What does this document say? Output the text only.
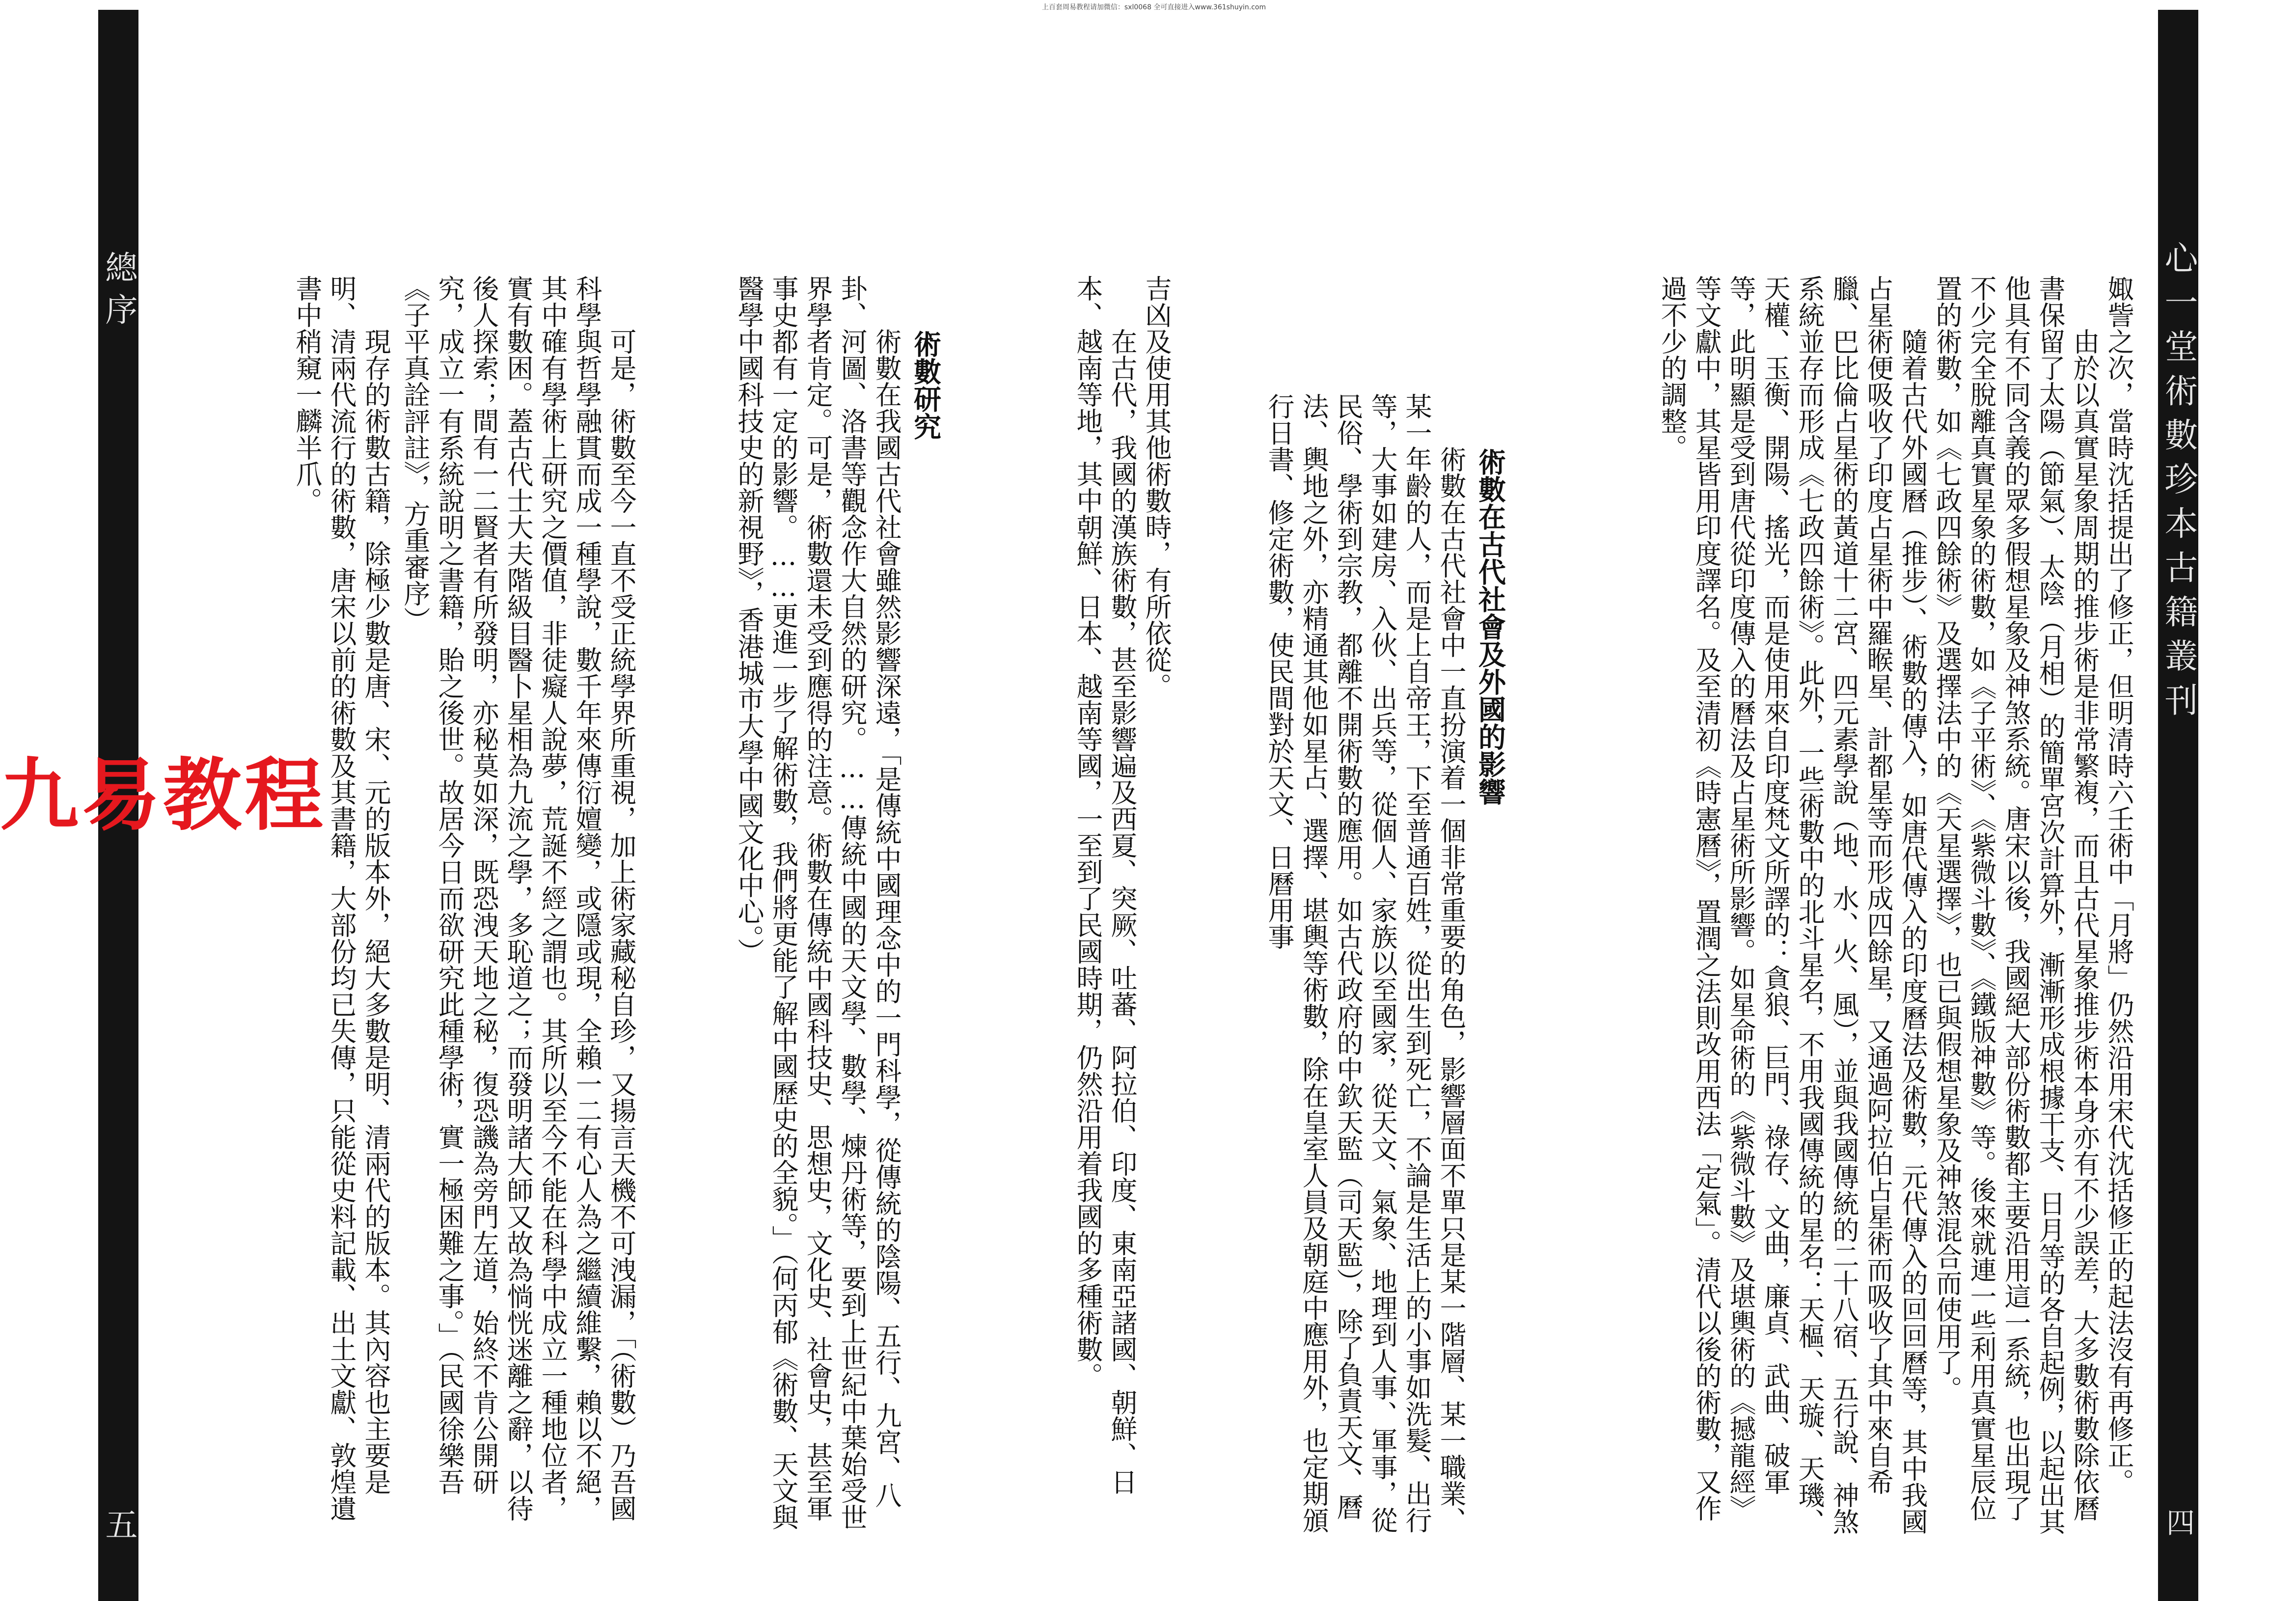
上百套周易教程请加微信：sxl0068 全可直接进入www.361shuyin.com
心一堂術數珍本古籍叢刊
四
總序
五

娵訾之次，當時沈括提出了修正，但明清時六壬術中「月將」仍然沿用宋代沈括修正的起法沒有再修正。

由於以真實星象周期的推步術是非常繁複，而且古代星象推步術本身亦有不少誤差，大多數術數除依曆書保留了太陽（節氣）、太陰（月相）的簡單宮次計算外，漸漸形成根據干支、日月等的各自起例，以起出其他具有不同含義的眾多假想星象及神煞系統。唐宋以後，我國絕大部份術數都主要沿用這一系統，也出現了不少完全脫離真實星象的術數，如《子平術》、《紫微斗數》、《鐵版神數》等。後來就連一些利用真實星辰位置的術數，如《七政四餘術》及選擇法中的《天星選擇》，也已與假想星象及神煞混合而使用了。

隨着古代外國曆（推步）、術數的傳入，如唐代傳入的印度曆法及術數，元代傳入的回回曆等，其中我國占星術便吸收了印度占星術中羅睺星、計都星等而形成四餘星，又通過阿拉伯占星術而吸收了其中來自希臘、巴比倫占星術的黃道十二宮、四元素學說（地、水、火、風），並與我國傳統的二十八宿、五行說、神煞系統並存而形成《七政四餘術》。此外，一些術數中的北斗星名，不用我國傳統的星名：天樞、天璇、天璣、天權、玉衡、開陽、搖光，而是使用來自印度梵文所譯的：貪狼、巨門、祿存、文曲，廉貞、武曲、破軍等，此明顯是受到唐代從印度傳入的曆法及占星術所影響。如星命術的《紫微斗數》及堪輿術的《撼龍經》等文獻中，其星皆用印度譯名。及至清初《時憲曆》，置潤之法則改用西法「定氣」。清代以後的術數，又作過不少的調整。

術數在古代社會及外國的影響

術數在古代社會中一直扮演着一個非常重要的角色，影響層面不單只是某一階層、某一職業、某一年齡的人，而是上自帝王，下至普通百姓，從出生到死亡，不論是生活上的小事如洗髮、出行等，大事如建房、入伙、出兵等，從個人、家族以至國家，從天文、氣象、地理到人事、軍事，從民俗、學術到宗教，都離不開術數的應用。如古代政府的中欽天監（司天監），除了負責天文、曆法、輿地之外，亦精通其他如星占、選擇、堪輿等術數，除在皇室人員及朝庭中應用外，也定期頒行日書、修定術數，使民間對於天文、日曆用事

吉凶及使用其他術數時，有所依從。

在古代，我國的漢族術數，甚至影響遍及西夏、突厥、吐蕃、阿拉伯、印度、東南亞諸國、朝鮮、日本、越南等地，其中朝鮮、日本、越南等國，一至到了民國時期，仍然沿用着我國的多種術數。

術數研究

術數在我國古代社會雖然影響深遠，「是傳統中國理念中的一門科學，從傳統的陰陽、五行、九宮、八卦、河圖、洛書等觀念作大自然的研究。……傳統中國的天文學、數學、煉丹術等，要到上世紀中葉始受世界學者肯定。可是，術數還未受到應得的注意。術數在傳統中國科技史、思想史，文化史、社會史，甚至軍事史都有一定的影響。……更進一步了解術數，我們將更能了解中國歷史的全貌。」（何丙郁《術數、天文與醫學中國科技史的新視野》，香港城市大學中國文化中心。）

可是，術數至今一直不受正統學界所重視，加上術家藏秘自珍，又揚言天機不可洩漏，「（術數）乃吾國科學與哲學融貫而成一種學說，數千年來傳衍嬗變，或隱或現，全賴一二有心人為之繼續維繫，賴以不絕，其中確有學術上研究之價值，非徒癡人說夢，荒誕不經之謂也。其所以至今不能在科學中成立一種地位者，實有數困。蓋古代士大夫階級目醫卜星相為九流之學，多恥道之；而發明諸大師又故為惝恍迷離之辭，以待後人探索；間有一二賢者有所發明，亦秘莫如深，既恐洩天地之秘，復恐譏為旁門左道，始終不肯公開研究，成立一有系統說明之書籍，貽之後世。故居今日而欲研究此種學術，實一極困難之事。」（民國徐樂吾《子平真詮評註》，方重審序）

現存的術數古籍，除極少數是唐、宋、元的版本外，絕大多數是明、清兩代的版本。其內容也主要是明、清兩代流行的術數，唐宋以前的術數及其書籍，大部份均已失傳，只能從史料記載、出土文獻、敦煌遺書中稍窺一麟半爪。

九易教程
